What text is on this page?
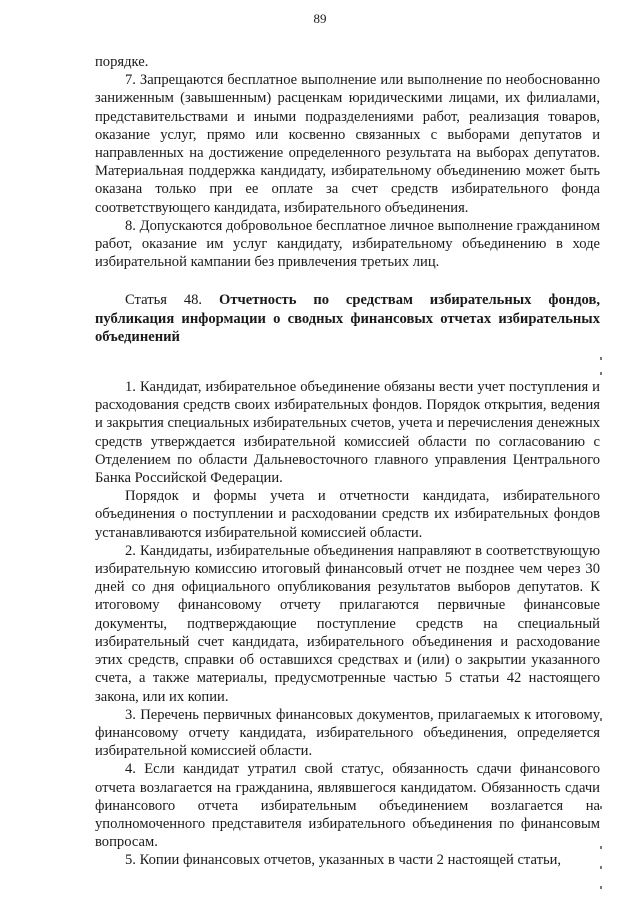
89

порядке.

7. Запрещаются бесплатное выполнение или выполнение по необоснованно заниженным (завышенным) расценкам юридическими лицами, их филиалами, представительствами и иными подразделениями работ, реализация товаров, оказание услуг, прямо или косвенно связанных с выборами депутатов и направленных на достижение определенного результата на выборах депутатов. Материальная поддержка кандидату, избирательному объединению может быть оказана только при ее оплате за счет средств избирательного фонда соответствующего кандидата, избирательного объединения.

8. Допускаются добровольное бесплатное личное выполнение гражданином работ, оказание им услуг кандидату, избирательному объединению в ходе избирательной кампании без привлечения третьих лиц.

Статья 48. Отчетность по средствам избирательных фондов, публикация информации о сводных финансовых отчетах избирательных объединений

1. Кандидат, избирательное объединение обязаны вести учет поступления и расходования средств своих избирательных фондов. Порядок открытия, ведения и закрытия специальных избирательных счетов, учета и перечисления денежных средств утверждается избирательной комиссией области по согласованию с Отделением по области Дальневосточного главного управления Центрального Банка Российской Федерации.

Порядок и формы учета и отчетности кандидата, избирательного объединения о поступлении и расходовании средств их избирательных фондов устанавливаются избирательной комиссией области.

2. Кандидаты, избирательные объединения направляют в соответствующую избирательную комиссию итоговый финансовый отчет не позднее чем через 30 дней со дня официального опубликования результатов выборов депутатов. К итоговому финансовому отчету прилагаются первичные финансовые документы, подтверждающие поступление средств на специальный избирательный счет кандидата, избирательного объединения и расходование этих средств, справки об оставшихся средствах и (или) о закрытии указанного счета, а также материалы, предусмотренные частью 5 статьи 42 настоящего закона, или их копии.

3. Перечень первичных финансовых документов, прилагаемых к итоговому финансовому отчету кандидата, избирательного объединения, определяется избирательной комиссией области.

4. Если кандидат утратил свой статус, обязанность сдачи финансового отчета возлагается на гражданина, являвшегося кандидатом. Обязанность сдачи финансового отчета избирательным объединением возлагается на уполномоченного представителя избирательного объединения по финансовым вопросам.

5. Копии финансовых отчетов, указанных в части 2 настоящей статьи,
